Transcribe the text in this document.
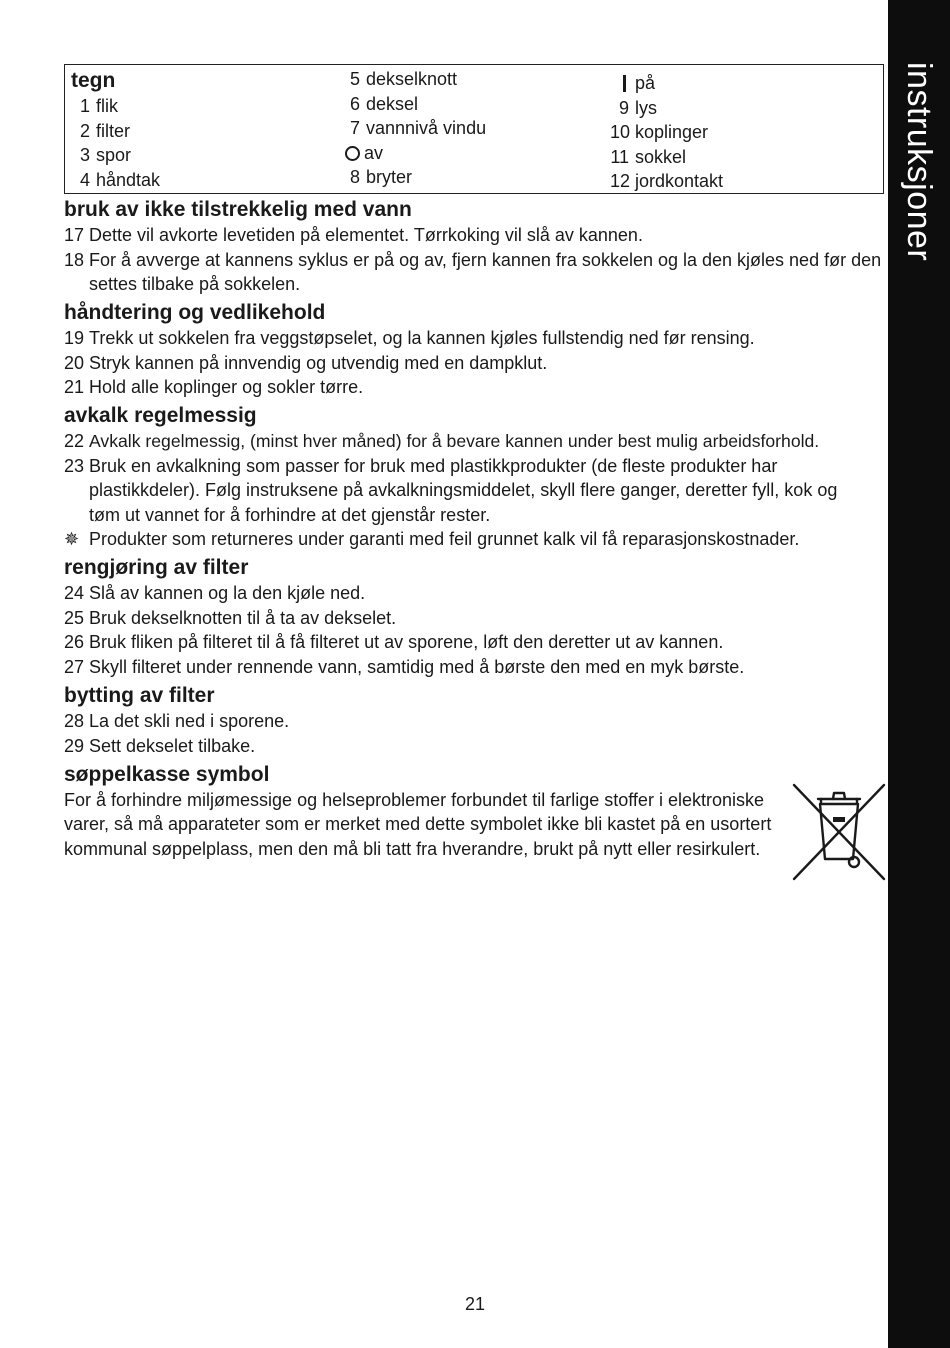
instruksjoner
tegn
1 flik
2 filter
3 spor
4 håndtak
5 dekselknott
6 deksel
7 vannnivå vindu
av
8 bryter
på
9 lys
10 koplinger
11 sokkel
12 jordkontakt
bruk av ikke tilstrekkelig med vann
17 Dette vil avkorte levetiden på elementet. Tørrkoking vil slå av kannen.
18 For å avverge at kannens syklus er på og av, fjern kannen fra sokkelen og la den kjøles ned før den settes tilbake på sokkelen.
håndtering og vedlikehold
19 Trekk ut sokkelen fra veggstøpselet, og la kannen kjøles fullstendig ned før rensing.
20 Stryk kannen på innvendig og utvendig med en dampklut.
21 Hold alle koplinger og sokler tørre.
avkalk regelmessig
22 Avkalk regelmessig, (minst hver måned) for å bevare kannen under best mulig arbeidsforhold.
23 Bruk en avkalkning som passer for bruk med plastikkprodukter (de fleste produkter har plastikkdeler). Følg instruksene på avkalkningsmiddelet, skyll flere ganger, deretter fyll, kok og tøm ut vannet for å forhindre at det gjenstår rester.
✵ Produkter som returneres under garanti med feil grunnet kalk vil få reparasjonskostnader.
rengjøring av filter
24 Slå av kannen og la den kjøle ned.
25 Bruk dekselknotten til å ta av dekselet.
26 Bruk fliken på filteret til å få filteret ut av sporene, løft den deretter ut av kannen.
27 Skyll filteret under rennende vann, samtidig med å børste den med en myk børste.
bytting av filter
28 La det skli ned i sporene.
29 Sett dekselet tilbake.
søppelkasse symbol
For å forhindre miljømessige og helseproblemer forbundet til farlige stoffer i elektroniske varer, så må apparateter som er merket med dette symbolet ikke bli kastet på en usortert kommunal søppelplass, men den må bli tatt fra hverandre, brukt på nytt eller resirkulert.
21
